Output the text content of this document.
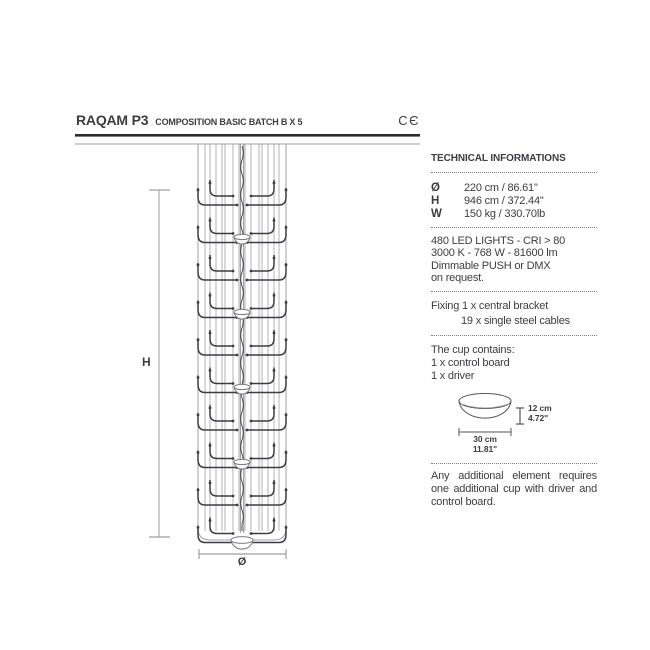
RAQAM P3 COMPOSITION BASIC BATCH B X 5	CЄ
H
Ø
TECHNICAL INFORMATIONS
Ø	220 cm / 86.61"
H	946 cm / 372.44"
W	150 kg / 330.70lb
480 LED LIGHTS - CRI > 80
3000 K - 768 W - 81600 lm
Dimmable PUSH or DMX
on request.
Fixing 1 x central bracket
19 x single steel cables
The cup contains:
1 x control board
1 x driver
12 cm
4.72"
30 cm
11.81"

Any additional element requires one additional cup with driver and control board.
